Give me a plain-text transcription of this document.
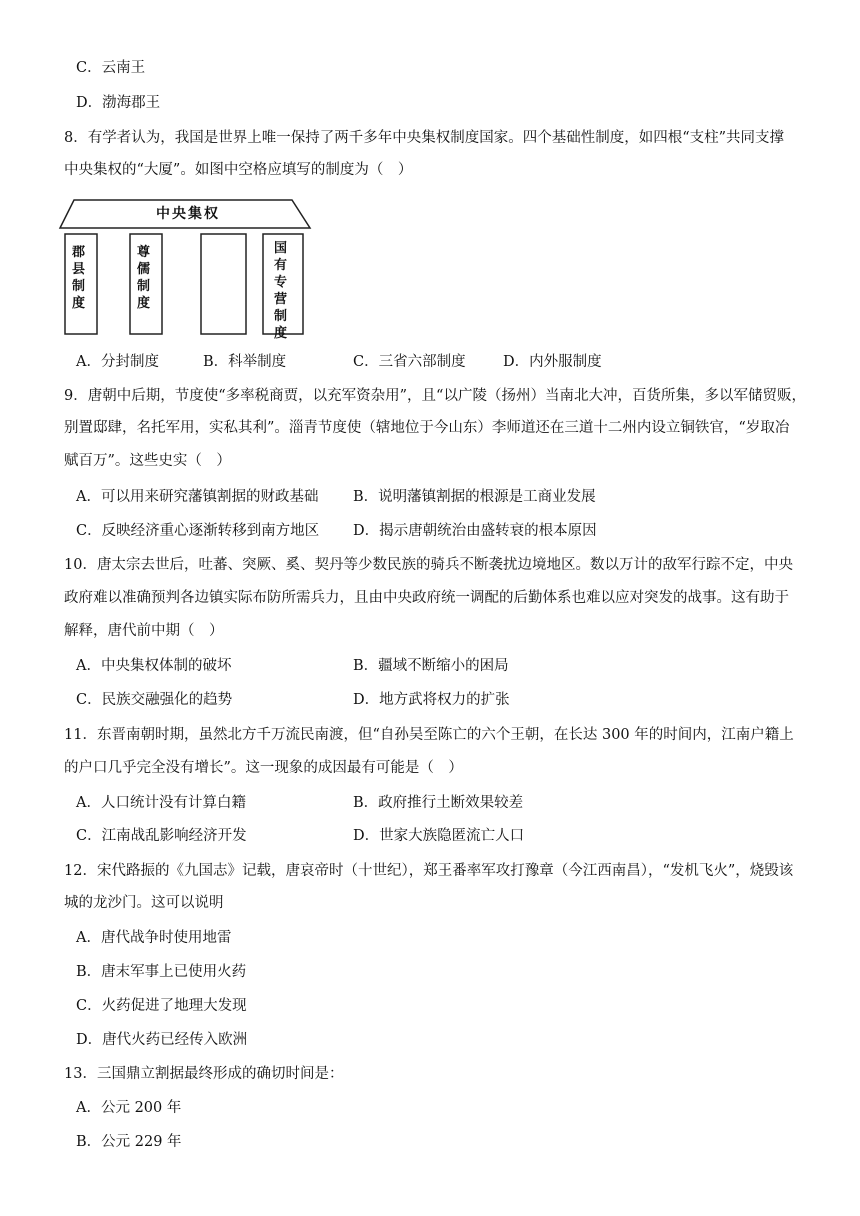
C．云南王
D．渤海郡王
8．有学者认为，我国是世界上唯一保持了两千多年中央集权制度国家。四个基础性制度，如四根“支柱”共同支撑
中央集权的“大厦”。如图中空格应填写的制度为（　）
中央集权
郡县制度
尊儒制度
国有专营制度
A．分封制度	B．科举制度	C．三省六部制度	D．内外服制度
9．唐朝中后期，节度使“多率税商贾，以充军资杂用”，且“以广陵（扬州）当南北大冲，百货所集，多以军储贸贩，
别置邸肆，名托军用，实私其利”。淄青节度使（辖地位于今山东）李师道还在三道十二州内设立铜铁官，“岁取冶
赋百万”。这些史实（　）
A．可以用来研究藩镇割据的财政基础 B．说明藩镇割据的根源是工商业发展
C．反映经济重心逐渐转移到南方地区 D．揭示唐朝统治由盛转衰的根本原因
10．唐太宗去世后，吐蕃、突厥、奚、契丹等少数民族的骑兵不断袭扰边境地区。数以万计的敌军行踪不定，中央
政府难以准确预判各边镇实际布防所需兵力，且由中央政府统一调配的后勤体系也难以应对突发的战事。这有助于
解释，唐代前中期（　）
A．中央集权体制的破坏	B．疆域不断缩小的困局
C．民族交融强化的趋势	D．地方武将权力的扩张
11．东晋南朝时期，虽然北方千万流民南渡，但“自孙吴至陈亡的六个王朝，在长达 300 年的时间内，江南户籍上
的户口几乎完全没有增长”。这一现象的成因最有可能是（　）
A．人口统计没有计算白籍	B．政府推行土断效果较差
C．江南战乱影响经济开发	D．世家大族隐匿流亡人口
12．宋代路振的《九国志》记载，唐哀帝时（十世纪），郑王番率军攻打豫章（今江西南昌），“发机飞火”，烧毁该
城的龙沙门。这可以说明
A．唐代战争时使用地雷
B．唐末军事上已使用火药
C．火药促进了地理大发现
D．唐代火药已经传入欧洲
13．三国鼎立割据最终形成的确切时间是：
A．公元 200 年
B．公元 229 年
